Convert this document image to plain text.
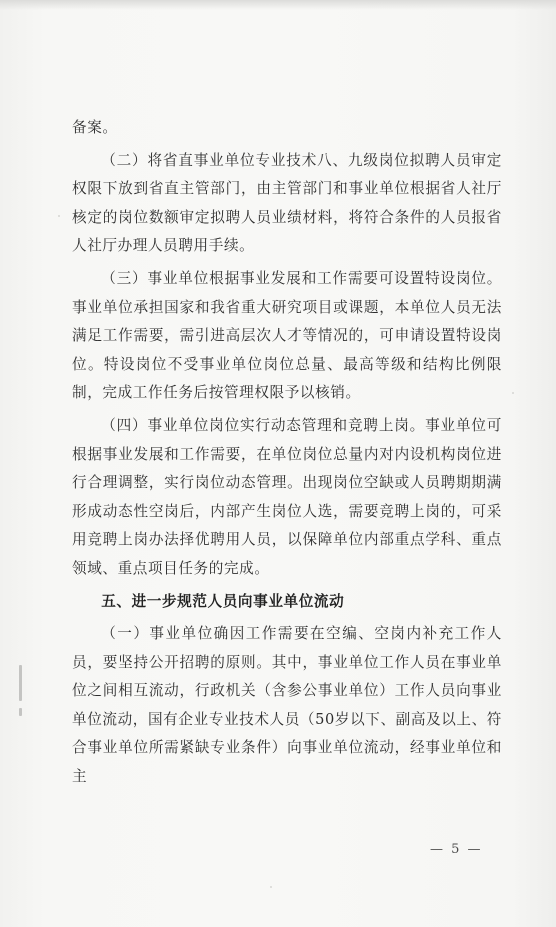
备案。

（二）将省直事业单位专业技术八、九级岗位拟聘人员审定权限下放到省直主管部门，由主管部门和事业单位根据省人社厅核定的岗位数额审定拟聘人员业绩材料，将符合条件的人员报省人社厅办理人员聘用手续。

（三）事业单位根据事业发展和工作需要可设置特设岗位。事业单位承担国家和我省重大研究项目或课题，本单位人员无法满足工作需要，需引进高层次人才等情况的，可申请设置特设岗位。特设岗位不受事业单位岗位总量、最高等级和结构比例限制，完成工作任务后按管理权限予以核销。

（四）事业单位岗位实行动态管理和竞聘上岗。事业单位可根据事业发展和工作需要，在单位岗位总量内对内设机构岗位进行合理调整，实行岗位动态管理。出现岗位空缺或人员聘期期满形成动态性空岗后，内部产生岗位人选，需要竞聘上岗的，可采用竞聘上岗办法择优聘用人员，以保障单位内部重点学科、重点领域、重点项目任务的完成。

五、进一步规范人员向事业单位流动

（一）事业单位确因工作需要在空编、空岗内补充工作人员，要坚持公开招聘的原则。其中，事业单位工作人员在事业单位之间相互流动，行政机关（含参公事业单位）工作人员向事业单位流动，国有企业专业技术人员（50岁以下、副高及以上、符合事业单位所需紧缺专业条件）向事业单位流动，经事业单位和主

— 5 —
